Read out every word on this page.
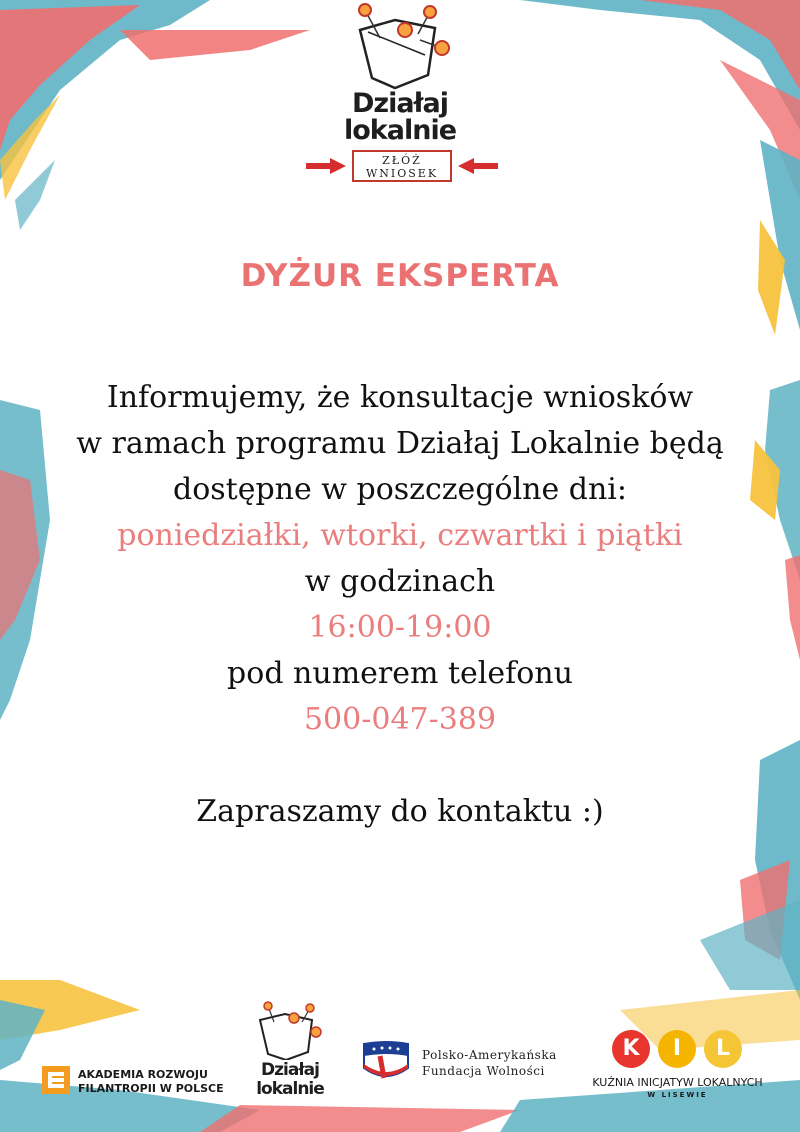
Działaj
lokalnie
ZŁÓŻ
WNIOSEK
DYŻUR EKSPERTA
Informujemy, że konsultacje wniosków
w ramach programu Działaj Lokalnie będą
dostępne w poszczególne dni:
poniedziałki, wtorki, czwartki i piątki
w godzinach
16:00-19:00
pod numerem telefonu
500-047-389
Zapraszamy do kontaktu :)
AKADEMIA ROZWOJU
FILANTROPII W POLSCE
Działaj
lokalnie
Polsko-Amerykańska
Fundacja Wolności
K	I	L
KUŹNIA INICJATYW LOKALNYCH
W LISEWIE
